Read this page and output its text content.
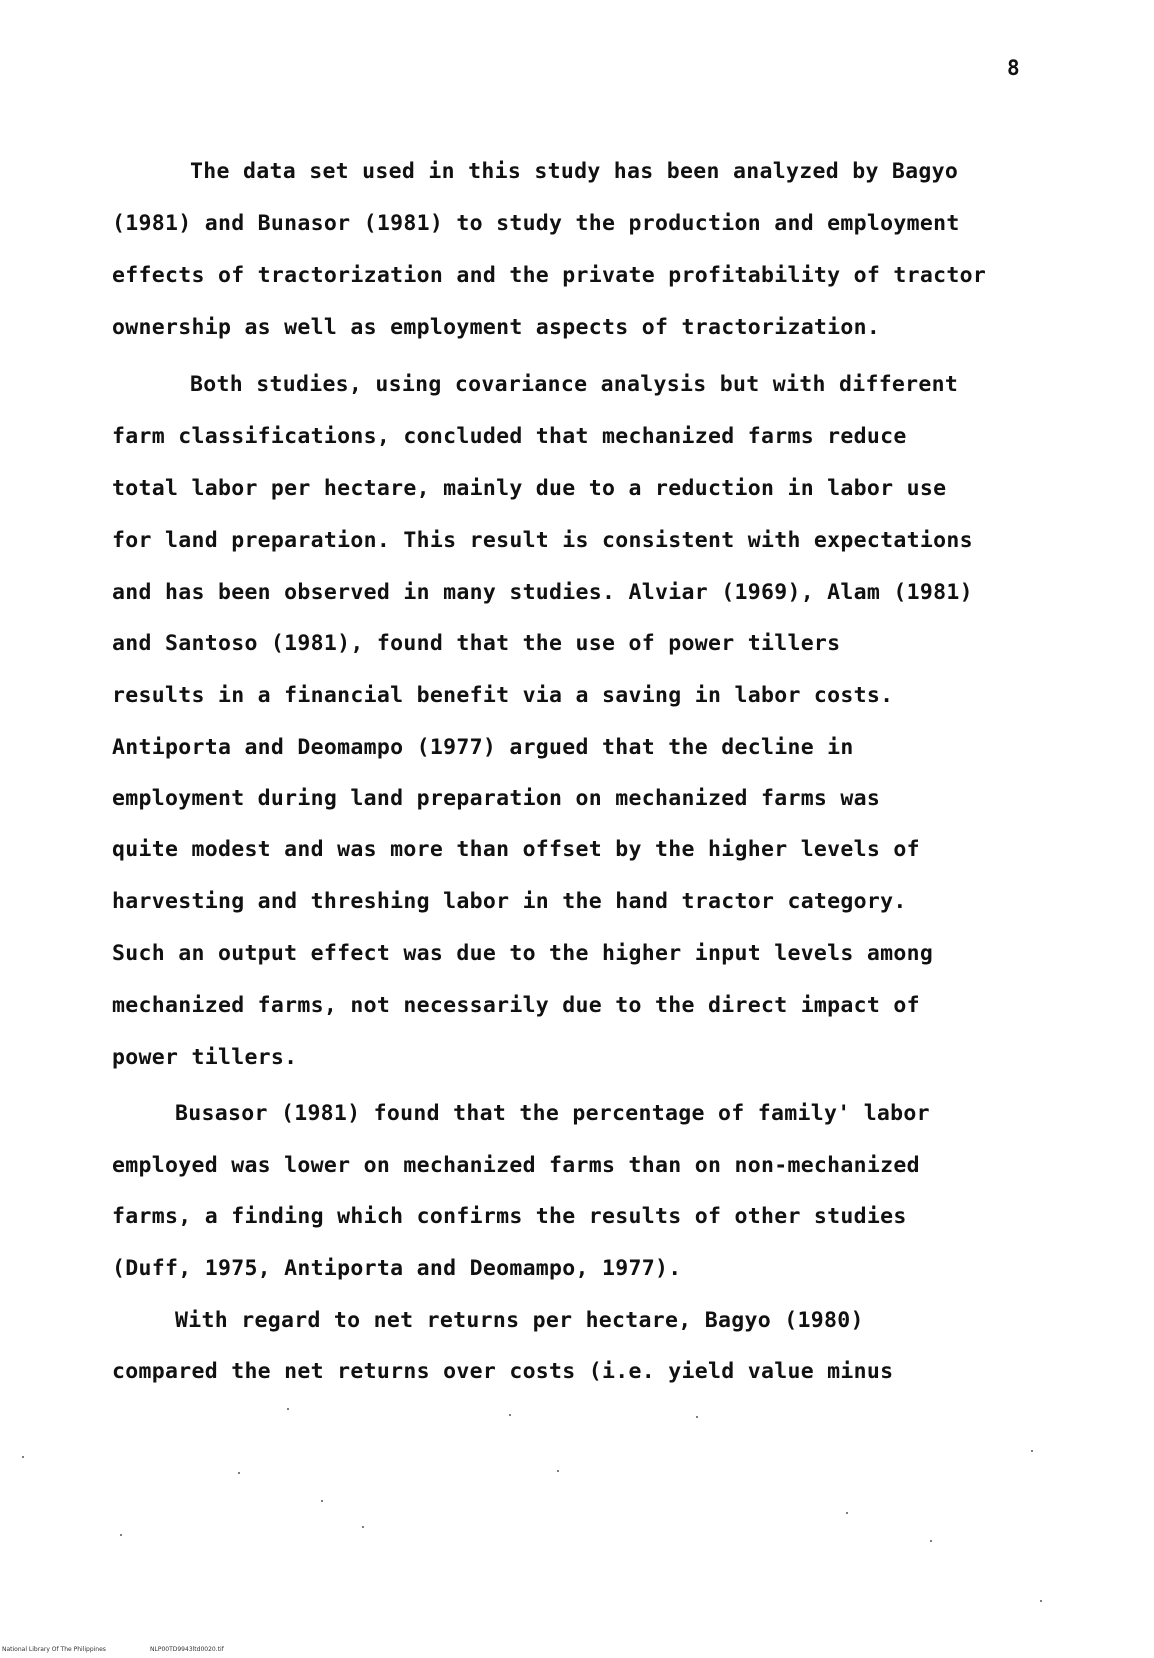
8
The data set used in this study has been analyzed by Bagyo
(1981) and Bunasor (1981) to study the production and employment
effects of tractorization and the private profitability of tractor
ownership as well as employment aspects of tractorization.
Both studies, using covariance analysis but with different
farm classifications, concluded that mechanized farms reduce
total labor per hectare, mainly due to a reduction in labor use
for land preparation. This result is consistent with expectations
and has been observed in many studies. Alviar (1969), Alam (1981)
and Santoso (1981), found that the use of power tillers
results in a financial benefit via a saving in labor costs.
Antiporta and Deomampo (1977) argued that the decline in
employment during land preparation on mechanized farms was
quite modest and was more than offset by the higher levels of
harvesting and threshing labor in the hand tractor category.
Such an output effect was due to the higher input levels among
mechanized farms, not necessarily due to the direct impact of
power tillers.
Busasor (1981) found that the percentage of family' labor
employed was lower on mechanized farms than on non-mechanized
farms, a finding which confirms the results of other studies
(Duff, 1975, Antiporta and Deomampo, 1977).
With regard to net returns per hectare, Bagyo (1980)
compared the net returns over costs (i.e. yield value minus
National Library Of The Philippines	NLP00TD9943ltd0020.tif
